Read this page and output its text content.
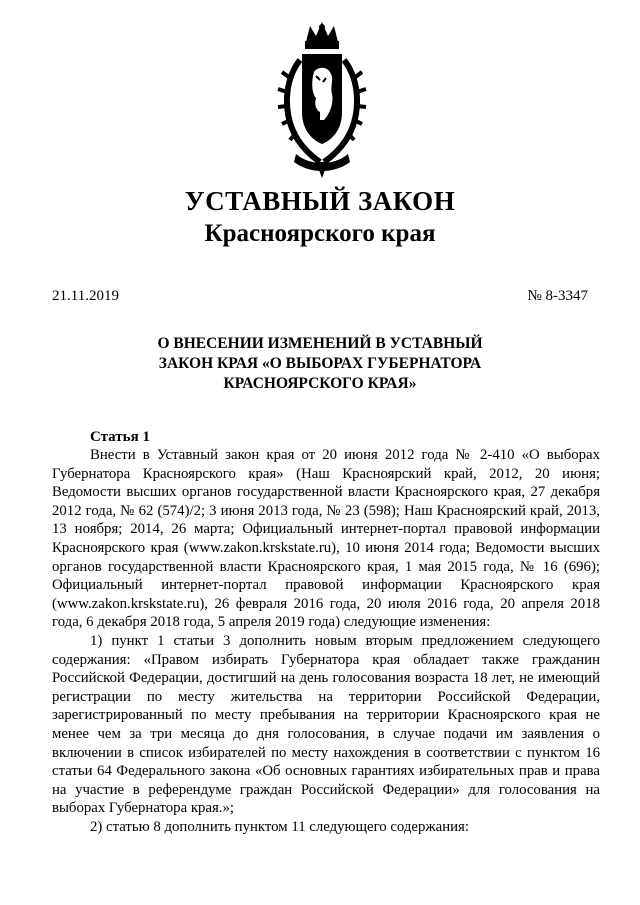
УСТАВНЫЙ ЗАКОН
Красноярского края
21.11.2019	№ 8-3347
О ВНЕСЕНИИ ИЗМЕНЕНИЙ В УСТАВНЫЙ
ЗАКОН КРАЯ «О ВЫБОРАХ ГУБЕРНАТОРА
КРАСНОЯРСКОГО КРАЯ»
Статья 1

Внести в Уставный закон края от 20 июня 2012 года № 2-410 «О выборах Губернатора Красноярского края» (Наш Красноярский край, 2012, 20 июня; Ведомости высших органов государственной власти Красноярского края, 27 декабря 2012 года, № 62 (574)/2; 3 июня 2013 года, № 23 (598); Наш Красноярский край, 2013, 13 ноября; 2014, 26 марта; Официальный интернет-портал правовой информации Красноярского края (www.zakon.krskstate.ru), 10 июня 2014 года; Ведомости высших органов государственной власти Красноярского края, 1 мая 2015 года, № 16 (696); Официальный интернет-портал правовой информации Красноярского края (www.zakon.krskstate.ru), 26 февраля 2016 года, 20 июля 2016 года, 20 апреля 2018 года, 6 декабря 2018 года, 5 апреля 2019 года) следующие изменения:

1) пункт 1 статьи 3 дополнить новым вторым предложением следующего содержания: «Правом избирать Губернатора края обладает также гражданин Российской Федерации, достигший на день голосования возраста 18 лет, не имеющий регистрации по месту жительства на территории Российской Федерации, зарегистрированный по месту пребывания на территории Красноярского края не менее чем за три месяца до дня голосования, в случае подачи им заявления о включении в список избирателей по месту нахождения в соответствии с пунктом 16 статьи 64 Федерального закона «Об основных гарантиях избирательных прав и права на участие в референдуме граждан Российской Федерации» для голосования на выборах Губернатора края.»;

2) статью 8 дополнить пунктом 11 следующего содержания:
